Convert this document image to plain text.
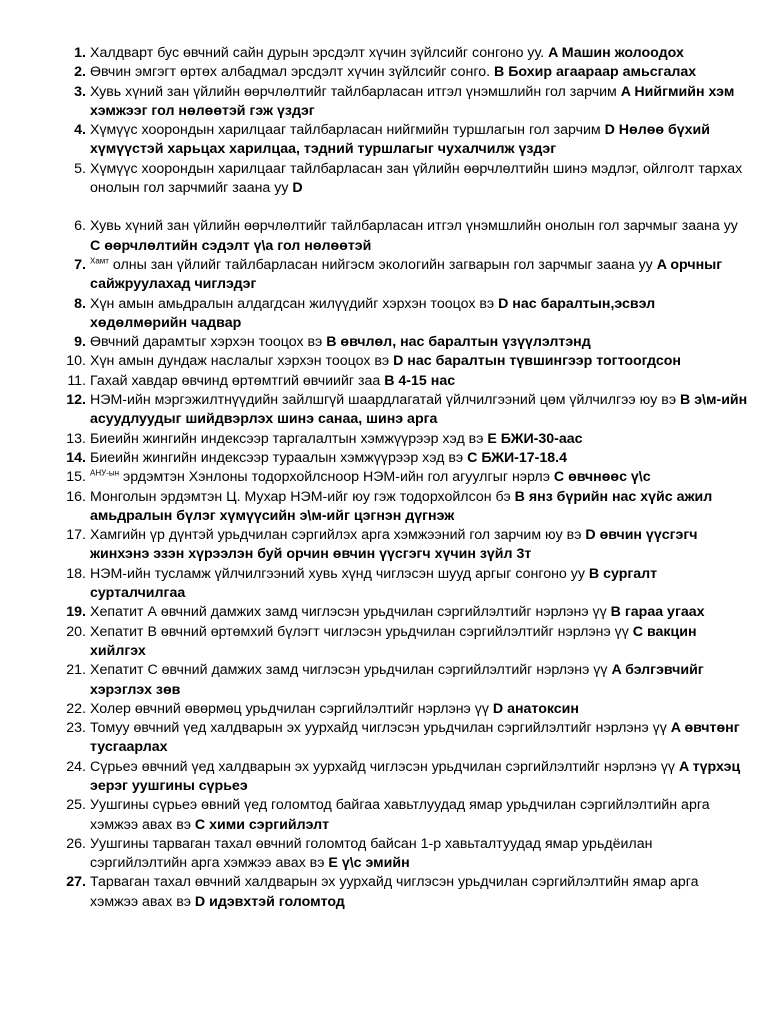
1. Халдварт бус өвчний сайн дурын эрсдэлт хүчин зүйлсийг сонгоно уу. A Машин жолоодох
2. Өвчин эмгэгт өртөх албадмал эрсдэлт хүчин зүйлсийг сонго. B Бохир агаараар амьсгалах
3. Хувь хүний зан үйлийн өөрчлөлтийг тайлбарласан итгэл үнэмшлийн гол зарчим A Нийгмийн хэм хэмжээг гол нөлөөтэй гэж үздэг
4. Хүмүүс хоорондын харилцааг тайлбарласан нийгмийн туршлагын гол зарчим D Нөлөө бүхий хүмүүстэй харьцах харилцаа, тэдний туршлагыг чухалчилж үздэг
5. Хүмүүс хоорондын харилцааг тайлбарласан зан үйлийн өөрчлөлтийн шинэ мэдлэг, ойлголт тархах онолын гол зарчмийг заана уу D
6. Хувь хүний зан үйлийн өөрчлөлтийг тайлбарласан итгэл үнэмшлийн онолын гол зарчмыг заана уу C өөрчлөлтийн сэдэлт ү\а гол нөлөөтэй
7. $^{Хамт}$ олны зан үйлийг тайлбарласан нийгэсм экологийн загварын гол зарчмыг заана уу A орчныг сайжруулахад чиглэдэг
8. Хүн амын амьдралын алдагдсан жилүүдийг хэрхэн тооцох вэ D нас баралтын,эсвэл хөдөлмөрийн чадвар
9. Өвчний дарамтыг хэрхэн тооцох вэ B өвчлөл, нас баралтын үзүүлэлтэнд
10. Хүн амын дундаж наслалыг хэрхэн тооцох вэ D нас баралтын түвшингээр тогтоогдсон
11. Гахай хавдар өвчинд өртөмтгий өвчиийг заа B 4-15 нас
12. НЭМ-ийн мэргэжилтнүүдийн зайлшгүй шаардлагатай үйлчилгээний цөм үйлчилгээ юу вэ B э\м-ийн асуудлуудыг шийдвэрлэх шинэ санаа, шинэ арга
13. Биеийн жингийн индексээр таргалалтын хэмжүүрээр хэд вэ E БЖИ-30-аас
14. Биеийн жингийн индексээр тураалын хэмжүүрээр хэд вэ C БЖИ-17-18.4
15. $^{АНУ-ын}$ эрдэмтэн Хэнлоны тодорхойлсноор НЭМ-ийн гол агуулгыг нэрлэ C өвчнөөс ү\с
16. Монголын эрдэмтэн Ц. Мухар НЭМ-ийг юу гэж тодорхойлсон бэ B янз бүрийн нас хүйс ажил амьдралын бүлэг хүмүүсийн э\м-ийг цэгнэн дүгнэж
17. Хамгийн үр дүнтэй урьдчилан сэргийлэх арга хэмжээний гол зарчим юу вэ D өвчин үүсгэгч жинхэнэ эзэн хүрээлэн буй орчин өвчин үүсгэгч хүчин зүйл 3т
18. НЭМ-ийн тусламж үйлчилгээний хувь хүнд чиглэсэн шууд аргыг сонгоно уу B сургалт сурталчилгаа
19. Хепатит А өвчний дамжих замд чиглэсэн урьдчилан сэргийлэлтийг нэрлэнэ үү B гараа угаах
20. Хепатит В өвчний өртөмхий бүлэгт чиглэсэн урьдчилан сэргийлэлтийг нэрлэнэ үү C вакцин хийлгэх
21. Хепатит С өвчний дамжих замд чиглэсэн урьдчилан сэргийлэлтийг нэрлэнэ үү A бэлгэвчийг хэрэглэх зөв
22. Холер өвчний өвөрмөц урьдчилан сэргийлэлтийг нэрлэнэ үү D анатоксин
23. Томуу өвчний үед халдварын эх уурхайд чиглэсэн урьдчилан сэргийлэлтийг нэрлэнэ үү A өвчтөнг тусгаарлах
24. Сүрьеэ өвчний үед халдварын эх уурхайд чиглэсэн урьдчилан сэргийлэлтийг нэрлэнэ үү A түрхэц эерэг уушгины сүрьеэ
25. Уушгины сүрьеэ өвний үед голомтод байгаа хавьтлуудад ямар урьдчилан сэргийлэлтийн арга хэмжээ авах вэ C хими сэргийлэлт
26. Уушгины тарваган тахал өвчний голомтод байсан 1-р хавьталтуудад ямар урьдёилан сэргийлэлтийн арга хэмжээ авах вэ E ү\с эмийн
27. Тарваган тахал өвчний халдварын эх уурхайд чиглэсэн урьдчилан сэргийлэлтийн ямар арга хэмжээ авах вэ D идэвхтэй голомтод
